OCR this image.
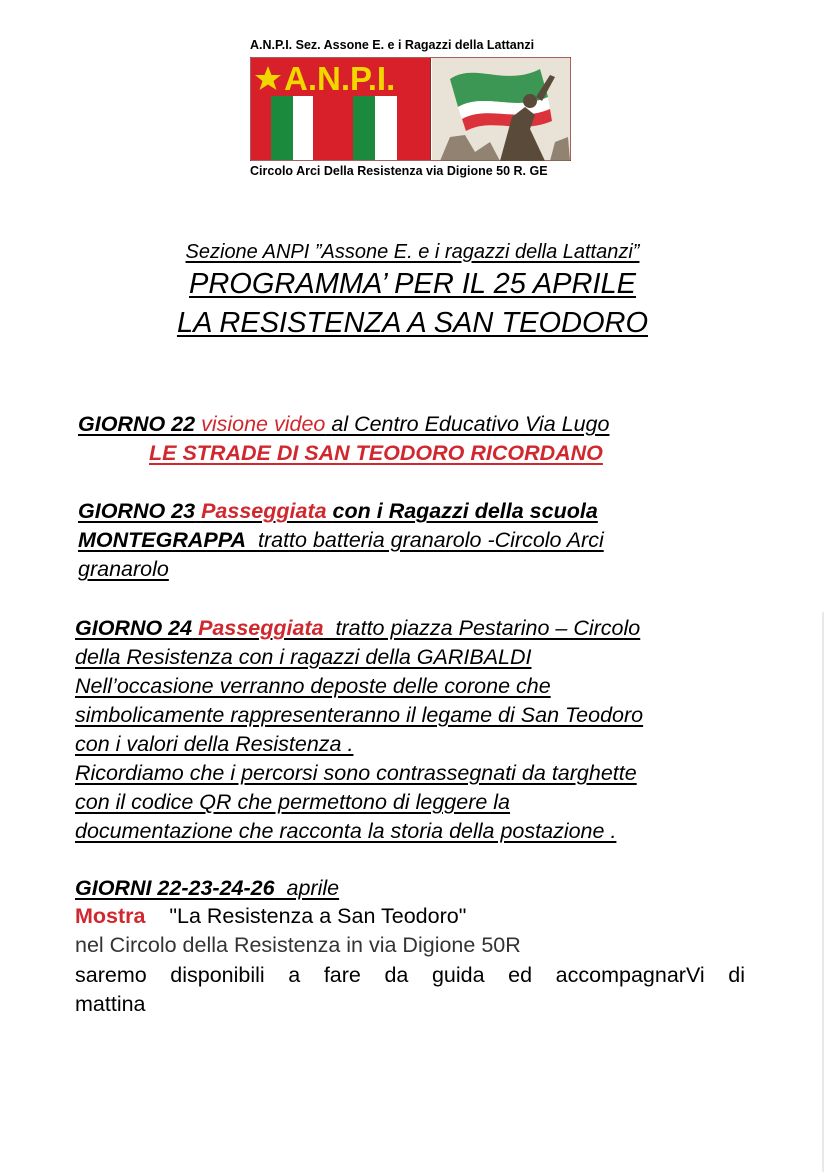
A.N.P.I. Sez. Assone E. e i Ragazzi della Lattanzi
A.N.P.I.
Circolo Arci Della Resistenza via Digione 50 R. GE
Sezione ANPI ”Assone E. e i ragazzi della Lattanzi”
PROGRAMMA’ PER IL 25 APRILE
LA RESISTENZA A SAN TEODORO
GIORNO 22 visione video al Centro Educativo Via Lugo
LE STRADE DI SAN TEODORO RICORDANO
GIORNO 23 Passeggiata con i Ragazzi della scuola
MONTEGRAPPA tratto batteria granarolo -Circolo Arci
granarolo
GIORNO 24 Passeggiata tratto piazza Pestarino – Circolo
della Resistenza con i ragazzi della GARIBALDI
Nell’occasione verranno deposte delle corone che
simbolicamente rappresenteranno il legame di San Teodoro
con i valori della Resistenza .
Ricordiamo che i percorsi sono contrassegnati da targhette
con il codice QR che permettono di leggere la
documentazione che racconta la storia della postazione .
GIORNI 22-23-24-26 aprile
Mostra "La Resistenza a San Teodoro"
nel Circolo della Resistenza in via Digione 50R
saremo disponibili a fare da guida ed accompagnarVi di
mattina
